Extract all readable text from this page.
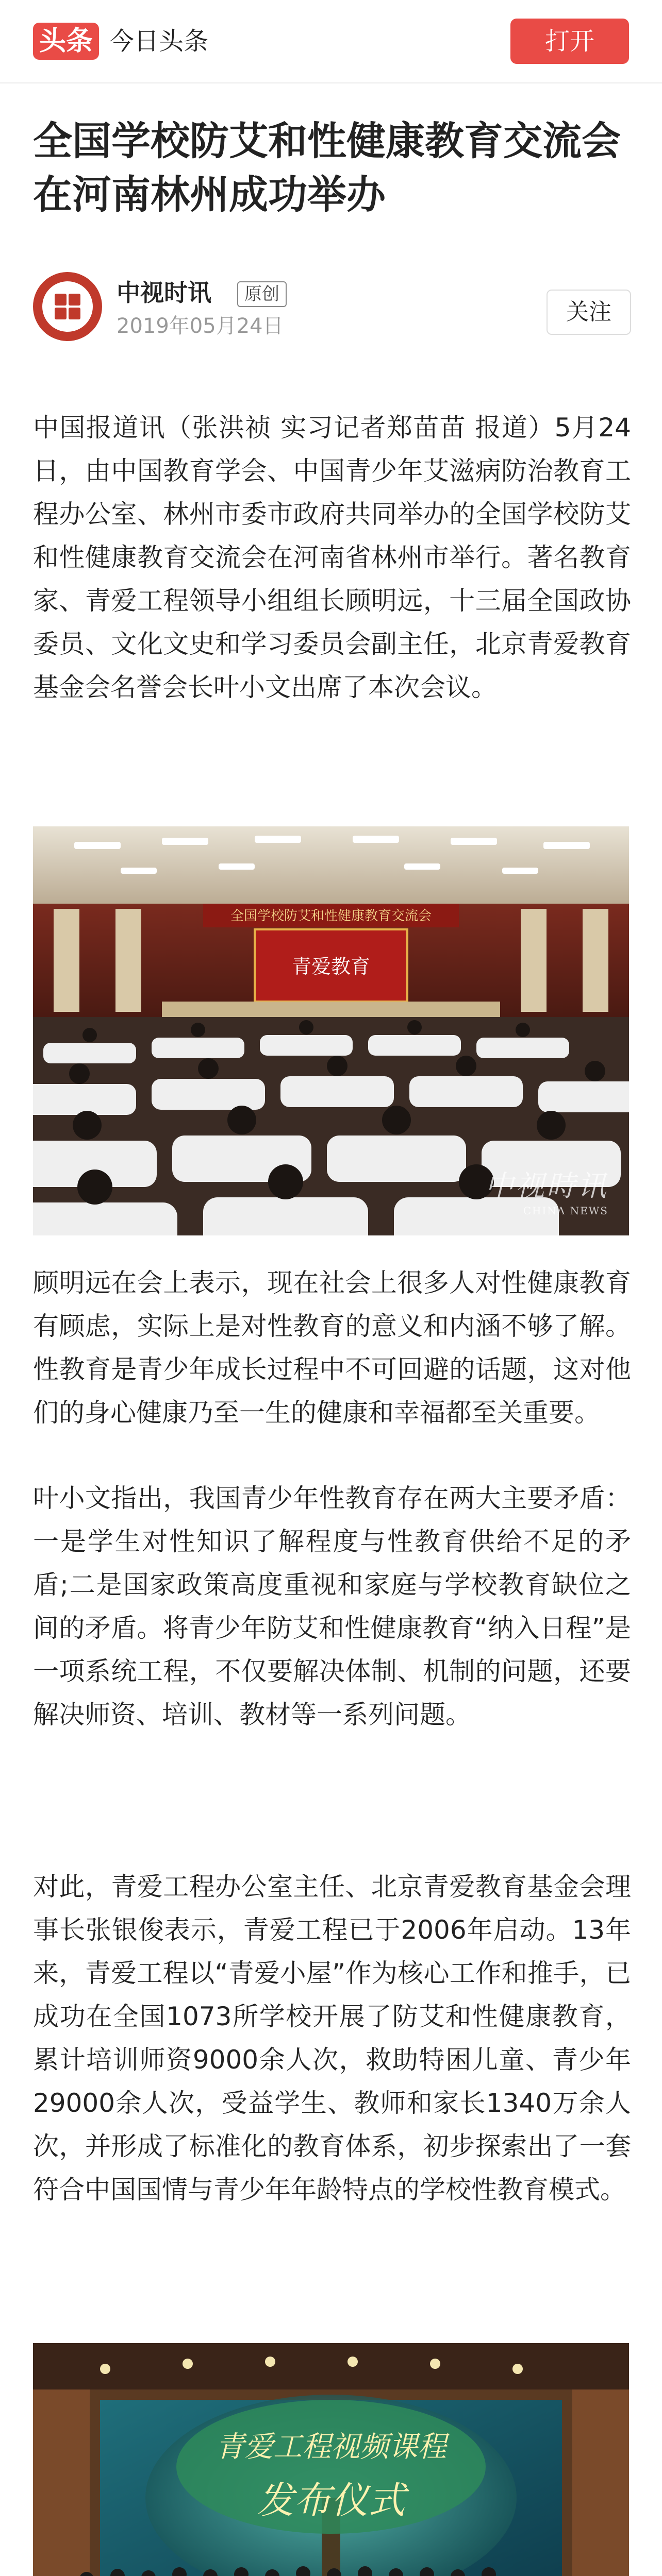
头条 今日头条	打开
全国学校防艾和性健康教育交流会在河南林州成功举办
中视时讯	原创
2019年05月24日
关注

中国报道讯（张洪祯 实习记者郑苗苗 报道）5月24日，由中国教育学会、中国青少年艾滋病防治教育工程办公室、林州市委市政府共同举办的全国学校防艾和性健康教育交流会在河南省林州市举行。著名教育家、青爱工程领导小组组长顾明远，十三届全国政协委员、文化文史和学习委员会副主任，北京青爱教育基金会名誉会长叶小文出席了本次会议。

全国学校防艾和性健康教育交流会
青爱教育
中视時讯
CHINA NEWS

顾明远在会上表示，现在社会上很多人对性健康教育有顾虑，实际上是对性教育的意义和内涵不够了解。性教育是青少年成长过程中不可回避的话题，这对他们的身心健康乃至一生的健康和幸福都至关重要。

叶小文指出，我国青少年性教育存在两大主要矛盾：一是学生对性知识了解程度与性教育供给不足的矛盾;二是国家政策高度重视和家庭与学校教育缺位之间的矛盾。将青少年防艾和性健康教育“纳入日程”是一项系统工程，不仅要解决体制、机制的问题，还要解决师资、培训、教材等一系列问题。

对此，青爱工程办公室主任、北京青爱教育基金会理事长张银俊表示，青爱工程已于2006年启动。13年来，青爱工程以“青爱小屋”作为核心工作和推手，已成功在全国1073所学校开展了防艾和性健康教育，累计培训师资9000余人次，救助特困儿童、青少年29000余人次，受益学生、教师和家长1340万余人次，并形成了标准化的教育体系，初步探索出了一套符合中国国情与青少年年龄特点的学校性教育模式。

青爱工程视频课程
发布仪式
